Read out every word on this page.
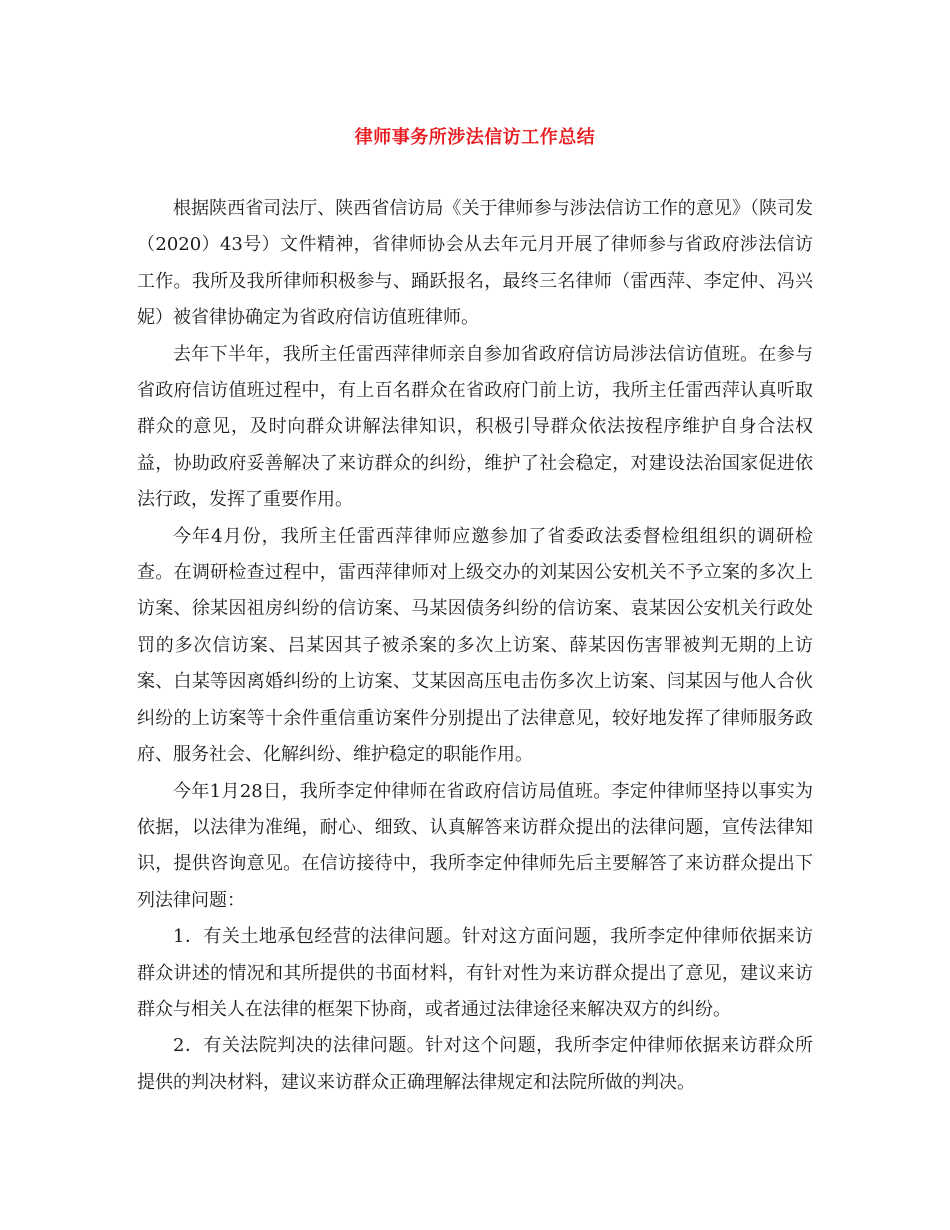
律师事务所涉法信访工作总结

根据陕西省司法厅、陕西省信访局《关于律师参与涉法信访工作的意见》（陕司发（2020）43号）文件精神，省律师协会从去年元月开展了律师参与省政府涉法信访工作。我所及我所律师积极参与、踊跃报名，最终三名律师（雷西萍、李定仲、冯兴妮）被省律协确定为省政府信访值班律师。

去年下半年，我所主任雷西萍律师亲自参加省政府信访局涉法信访值班。在参与省政府信访值班过程中，有上百名群众在省政府门前上访，我所主任雷西萍认真听取群众的意见，及时向群众讲解法律知识，积极引导群众依法按程序维护自身合法权益，协助政府妥善解决了来访群众的纠纷，维护了社会稳定，对建设法治国家促进依法行政，发挥了重要作用。

今年4月份，我所主任雷西萍律师应邀参加了省委政法委督检组组织的调研检查。在调研检查过程中，雷西萍律师对上级交办的刘某因公安机关不予立案的多次上访案、徐某因祖房纠纷的信访案、马某因债务纠纷的信访案、袁某因公安机关行政处罚的多次信访案、吕某因其子被杀案的多次上访案、薛某因伤害罪被判无期的上访案、白某等因离婚纠纷的上访案、艾某因高压电击伤多次上访案、闫某因与他人合伙纠纷的上访案等十余件重信重访案件分别提出了法律意见，较好地发挥了律师服务政府、服务社会、化解纠纷、维护稳定的职能作用。

今年1月28日，我所李定仲律师在省政府信访局值班。李定仲律师坚持以事实为依据，以法律为准绳，耐心、细致、认真解答来访群众提出的法律问题，宣传法律知识，提供咨询意见。在信访接待中，我所李定仲律师先后主要解答了来访群众提出下列法律问题：

1．有关土地承包经营的法律问题。针对这方面问题，我所李定仲律师依据来访群众讲述的情况和其所提供的书面材料，有针对性为来访群众提出了意见，建议来访群众与相关人在法律的框架下协商，或者通过法律途径来解决双方的纠纷。

2．有关法院判决的法律问题。针对这个问题，我所李定仲律师依据来访群众所提供的判决材料，建议来访群众正确理解法律规定和法院所做的判决。
